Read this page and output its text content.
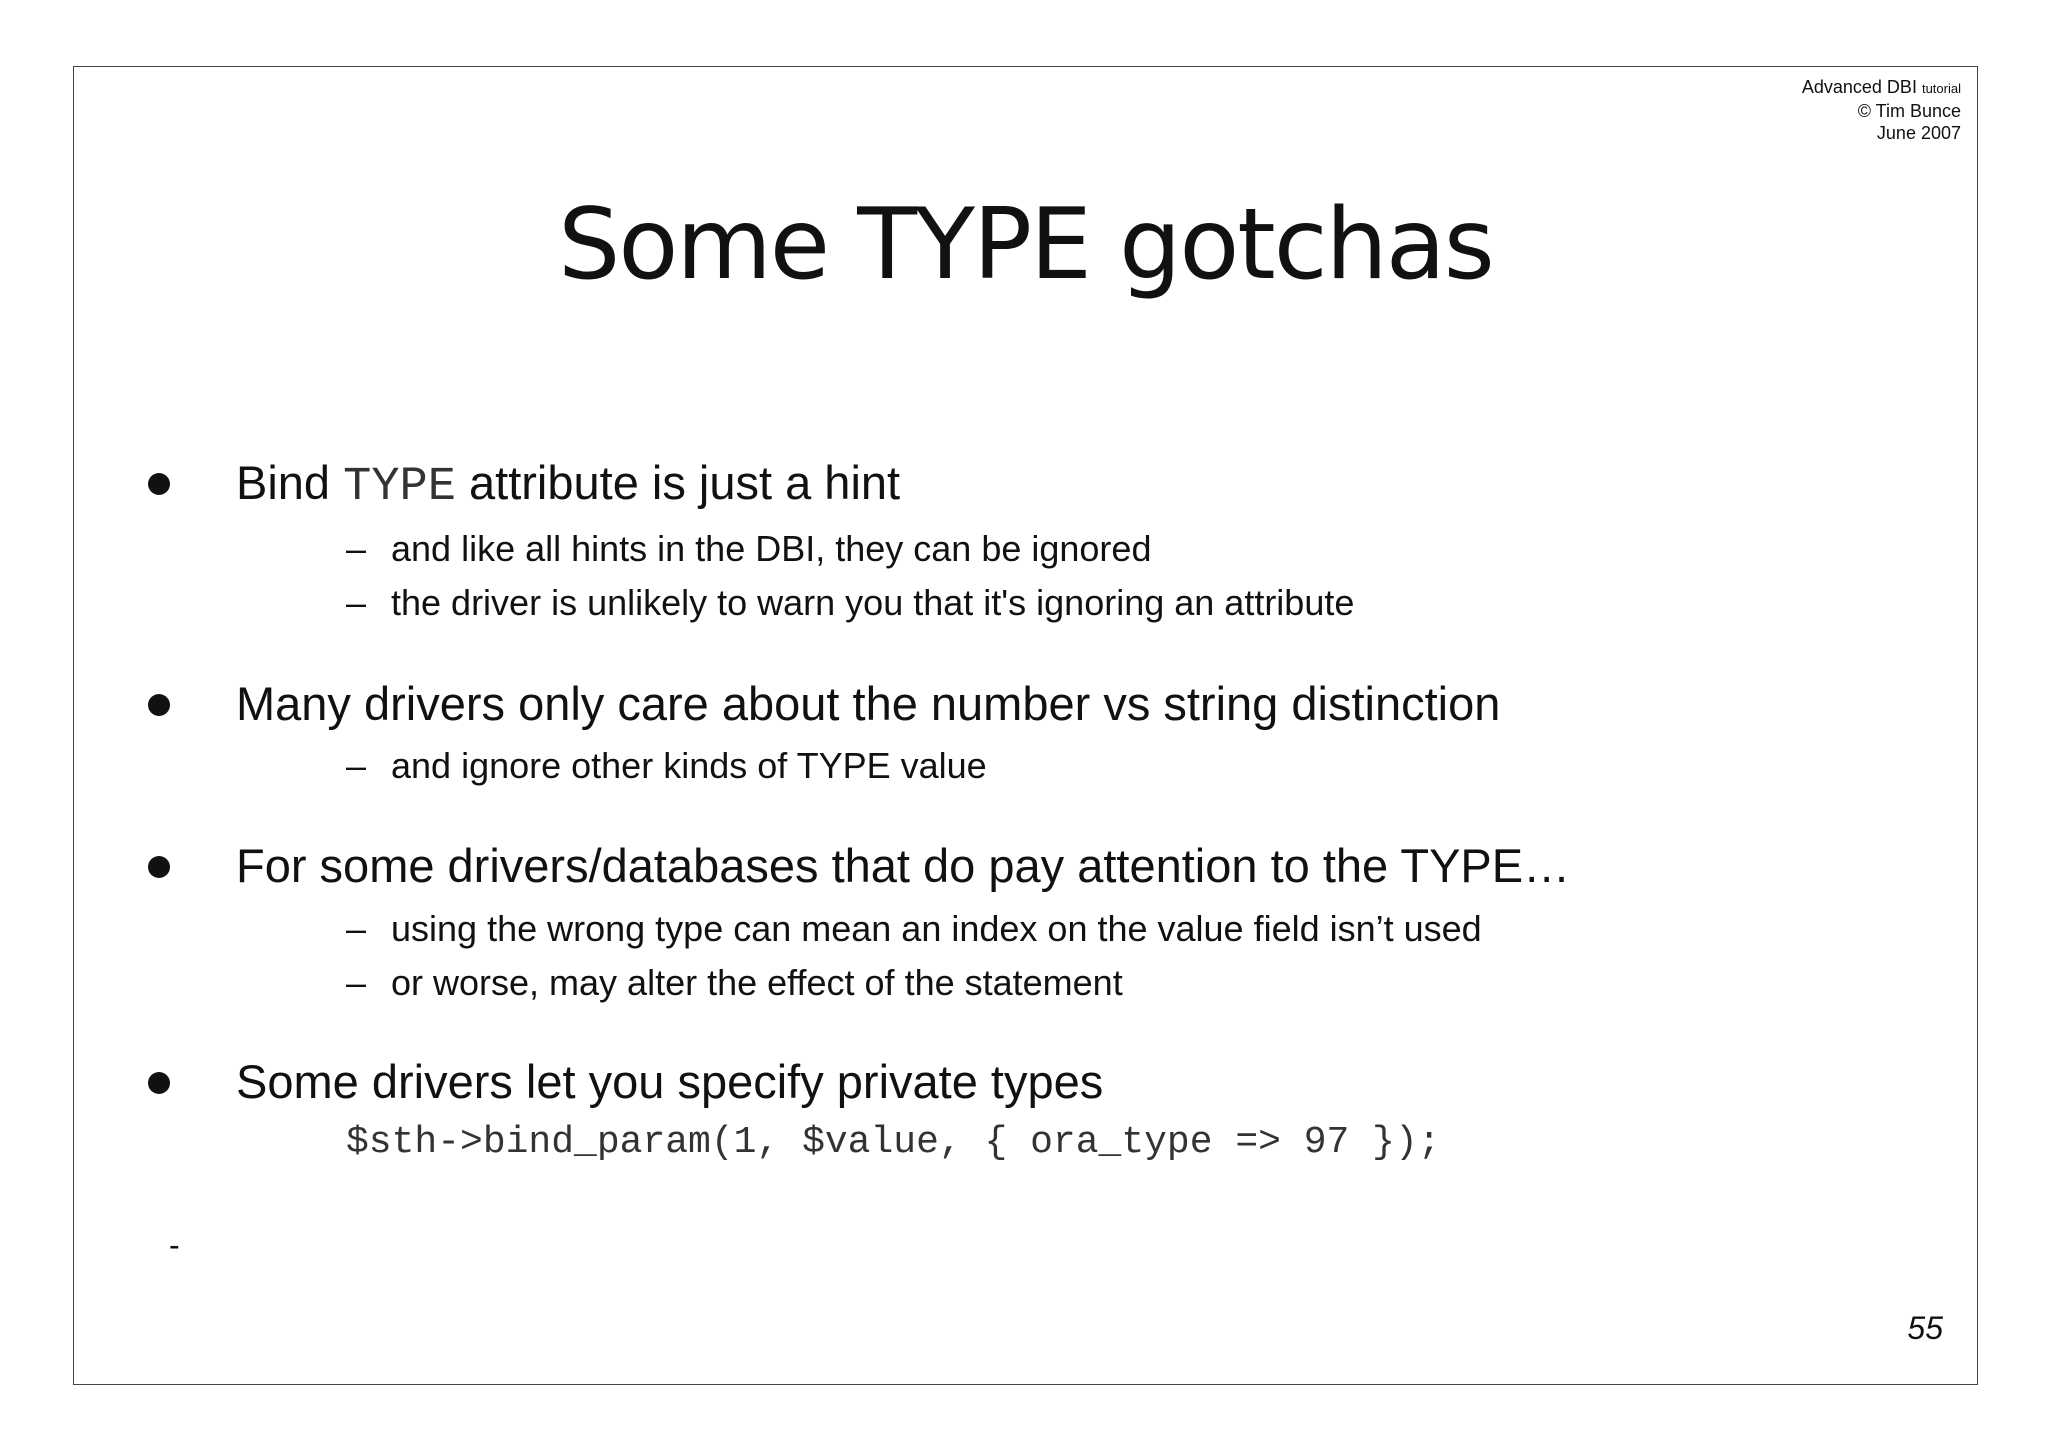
Advanced DBI tutorial
© Tim Bunce
June 2007
Some TYPE gotchas
Bind TYPE attribute is just a hint
– and like all hints in the DBI, they can be ignored
– the driver is unlikely to warn you that it's ignoring an attribute
Many drivers only care about the number vs string distinction
– and ignore other kinds of TYPE value
For some drivers/databases that do pay attention to the TYPE…
– using the wrong type can mean an index on the value field isn’t used
– or worse, may alter the effect of the statement
Some drivers let you specify private types
$sth->bind_param(1, $value, { ora_type => 97 });
-
55
